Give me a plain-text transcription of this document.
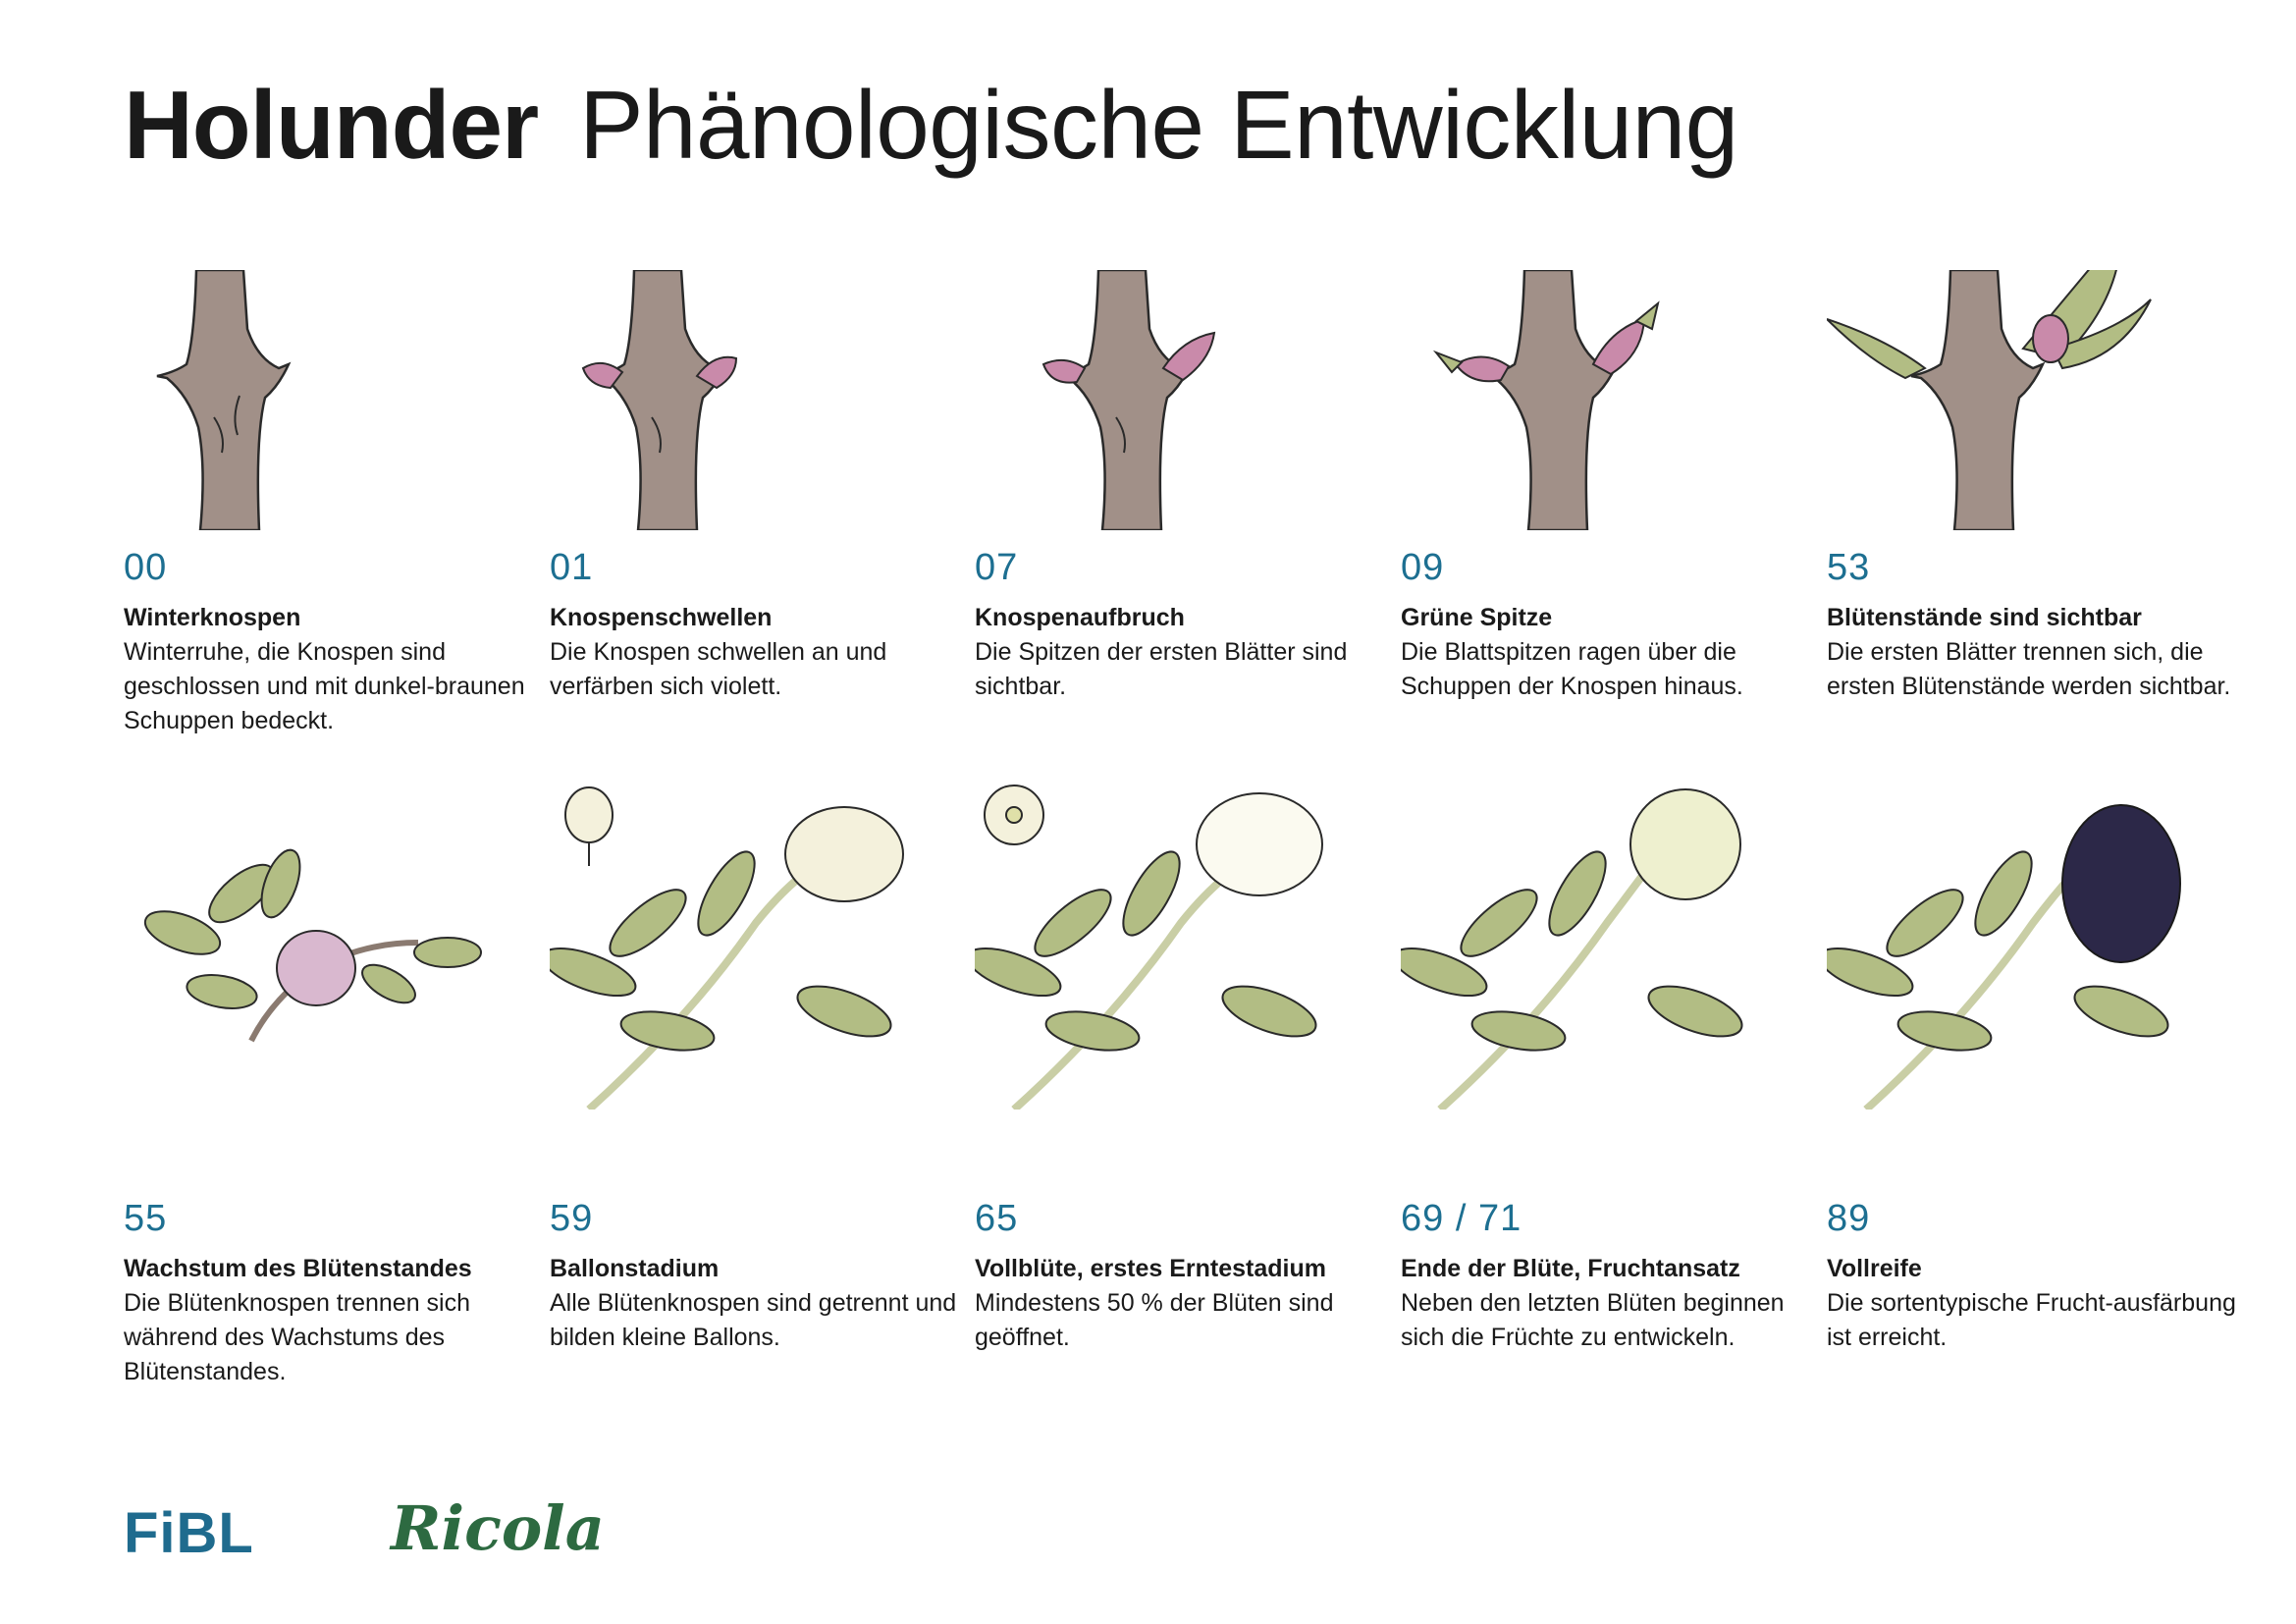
Holunder Phänologische Entwicklung
00
Winterknospen
Winterruhe, die Knospen sind geschlossen und mit dunkel-braunen Schuppen bedeckt.
01
Knospenschwellen
Die Knospen schwellen an und verfärben sich violett.
07
Knospenaufbruch
Die Spitzen der ersten Blätter sind sichtbar.
09
Grüne Spitze
Die Blattspitzen ragen über die Schuppen der Knospen hinaus.
53
Blütenstände sind sichtbar
Die ersten Blätter trennen sich, die ersten Blütenstände werden sichtbar.
55
Wachstum des Blütenstandes
Die Blütenknospen trennen sich während des Wachstums des Blütenstandes.
59
Ballonstadium
Alle Blütenknospen sind getrennt und bilden kleine Ballons.
65
Vollblüte, erstes Erntestadium
Mindestens 50 % der Blüten sind geöffnet.
69 / 71
Ende der Blüte, Fruchtansatz
Neben den letzten Blüten beginnen sich die Früchte zu entwickeln.
89
Vollreife
Die sortentypische Frucht-ausfärbung ist erreicht.
FiBL Ricola
